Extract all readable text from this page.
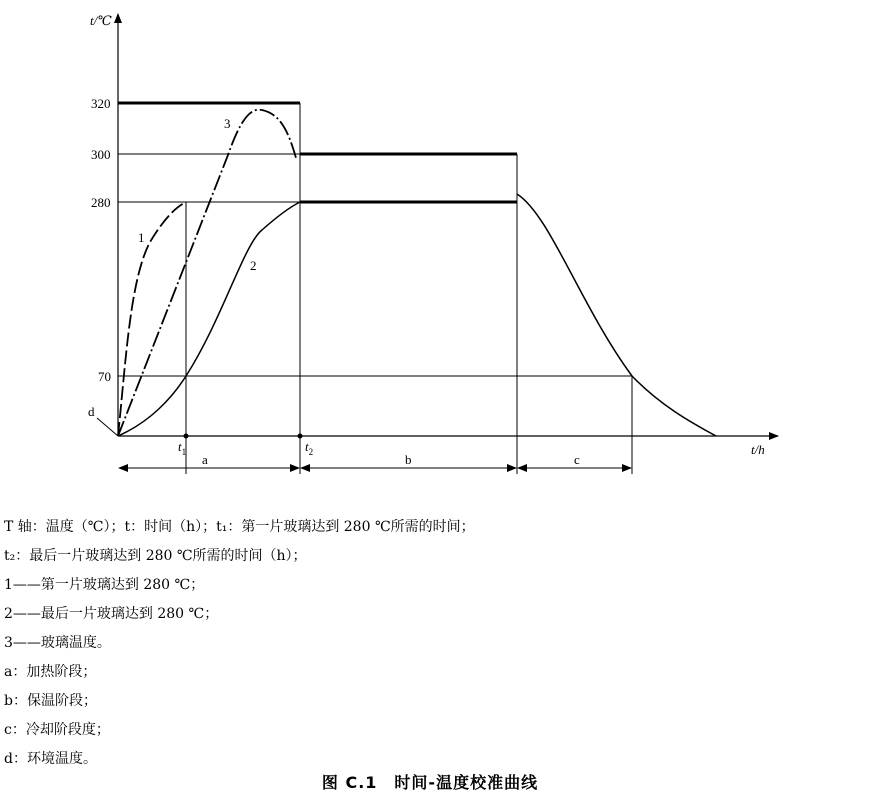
t/℃
t/h
320
300
280
70
d
$t_1$	$t_2$
1
2
3
a	b	c
T 轴：温度（℃）；t：时间（h）；t₁：第一片玻璃达到 280 ℃所需的时间；
t₂：最后一片玻璃达到 280 ℃所需的时间（h）；
1——第一片玻璃达到 280 ℃；
2——最后一片玻璃达到 280 ℃；
3——玻璃温度。
a：加热阶段；
b：保温阶段；
c：冷却阶段度；
d：环境温度。
图 C.1　时间-温度校准曲线
